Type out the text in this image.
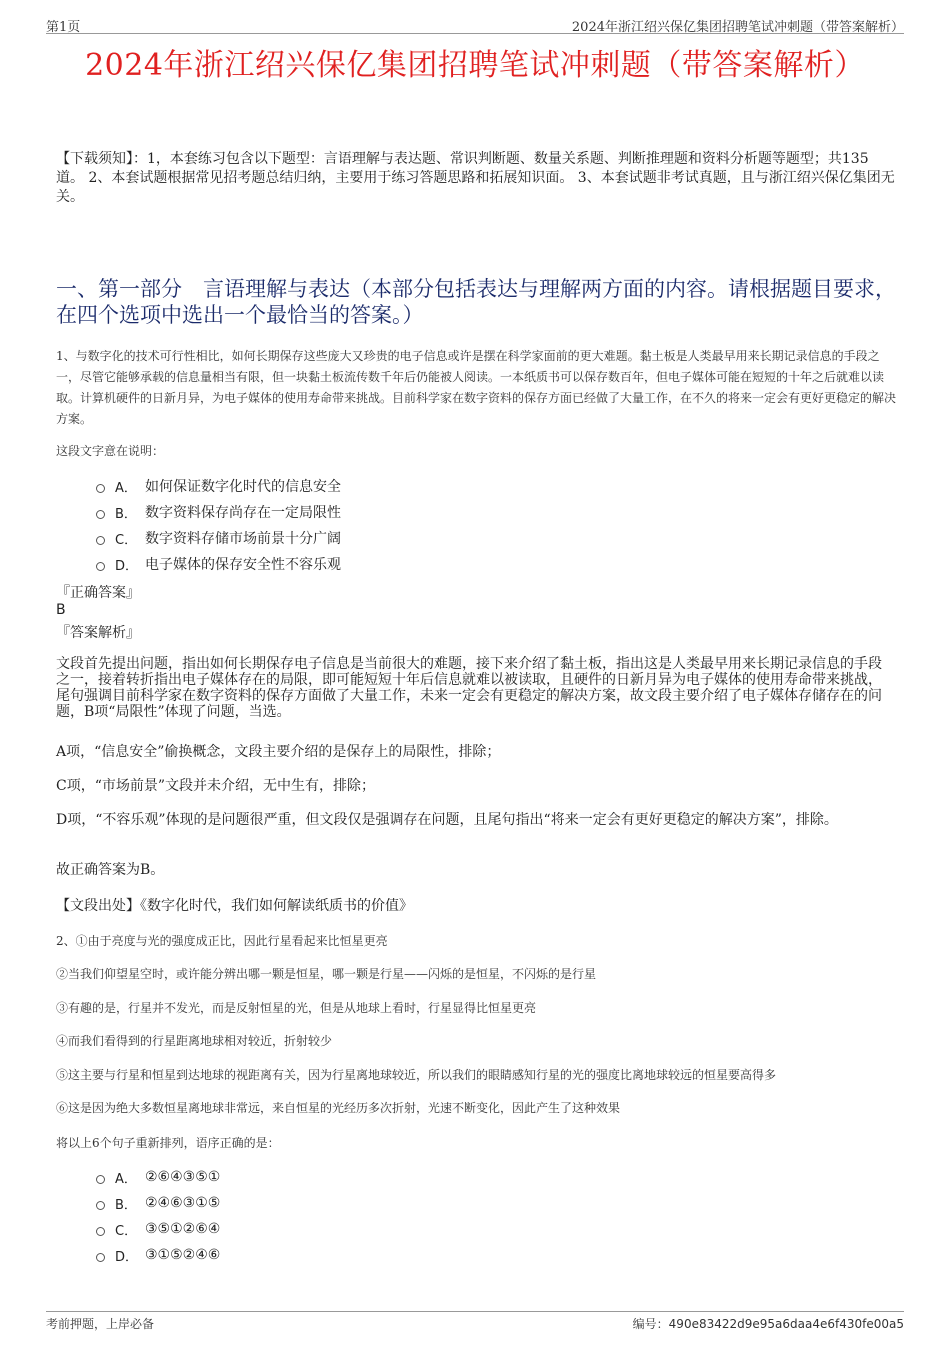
第1页	2024年浙江绍兴保亿集团招聘笔试冲刺题（带答案解析）
2024年浙江绍兴保亿集团招聘笔试冲刺题（带答案解析）
【下载须知】：1，本套练习包含以下题型：言语理解与表达题、常识判断题、数量关系题、判断推理题和资料分析题等题型；共135道。 2、本套试题根据常见招考题总结归纳，主要用于练习答题思路和拓展知识面。 3、本套试题非考试真题，且与浙江绍兴保亿集团无关。
一、第一部分　言语理解与表达（本部分包括表达与理解两方面的内容。请根据题目要求，在四个选项中选出一个最恰当的答案。）
1、与数字化的技术可行性相比，如何长期保存这些庞大又珍贵的电子信息或许是摆在科学家面前的更大难题。黏土板是人类最早用来长期记录信息的手段之一，尽管它能够承载的信息量相当有限，但一块黏土板流传数千年后仍能被人阅读。一本纸质书可以保存数百年，但电子媒体可能在短短的十年之后就难以读取。计算机硬件的日新月异，为电子媒体的使用寿命带来挑战。目前科学家在数字资料的保存方面已经做了大量工作，在不久的将来一定会有更好更稳定的解决方案。
这段文字意在说明：
A． 如何保证数字化时代的信息安全
B． 数字资料保存尚存在一定局限性
C． 数字资料存储市场前景十分广阔
D． 电子媒体的保存安全性不容乐观
『正确答案』
B
『答案解析』
文段首先提出问题，指出如何长期保存电子信息是当前很大的难题，接下来介绍了黏土板，指出这是人类最早用来长期记录信息的手段之一，接着转折指出电子媒体存在的局限，即可能短短十年后信息就难以被读取，且硬件的日新月异为电子媒体的使用寿命带来挑战，尾句强调目前科学家在数字资料的保存方面做了大量工作，未来一定会有更稳定的解决方案，故文段主要介绍了电子媒体存储存在的问题，B项“局限性”体现了问题，当选。
A项，“信息安全”偷换概念，文段主要介绍的是保存上的局限性，排除；
C项，“市场前景”文段并未介绍，无中生有，排除；
D项，“不容乐观”体现的是问题很严重，但文段仅是强调存在问题，且尾句指出“将来一定会有更好更稳定的解决方案”，排除。
故正确答案为B。
【文段出处】《数字化时代，我们如何解读纸质书的价值》
2、①由于亮度与光的强度成正比，因此行星看起来比恒星更亮
②当我们仰望星空时，或许能分辨出哪一颗是恒星，哪一颗是行星——闪烁的是恒星，不闪烁的是行星
③有趣的是，行星并不发光，而是反射恒星的光，但是从地球上看时，行星显得比恒星更亮
④而我们看得到的行星距离地球相对较近，折射较少
⑤这主要与行星和恒星到达地球的视距离有关，因为行星离地球较近，所以我们的眼睛感知行星的光的强度比离地球较远的恒星要高得多
⑥这是因为绝大多数恒星离地球非常远，来自恒星的光经历多次折射，光速不断变化，因此产生了这种效果
将以上6个句子重新排列，语序正确的是：
A． ②⑥④③⑤①
B． ②④⑥③①⑤
C． ③⑤①②⑥④
D． ③①⑤②④⑥
考前押题，上岸必备	编号：490e83422d9e95a6daa4e6f430fe00a5
